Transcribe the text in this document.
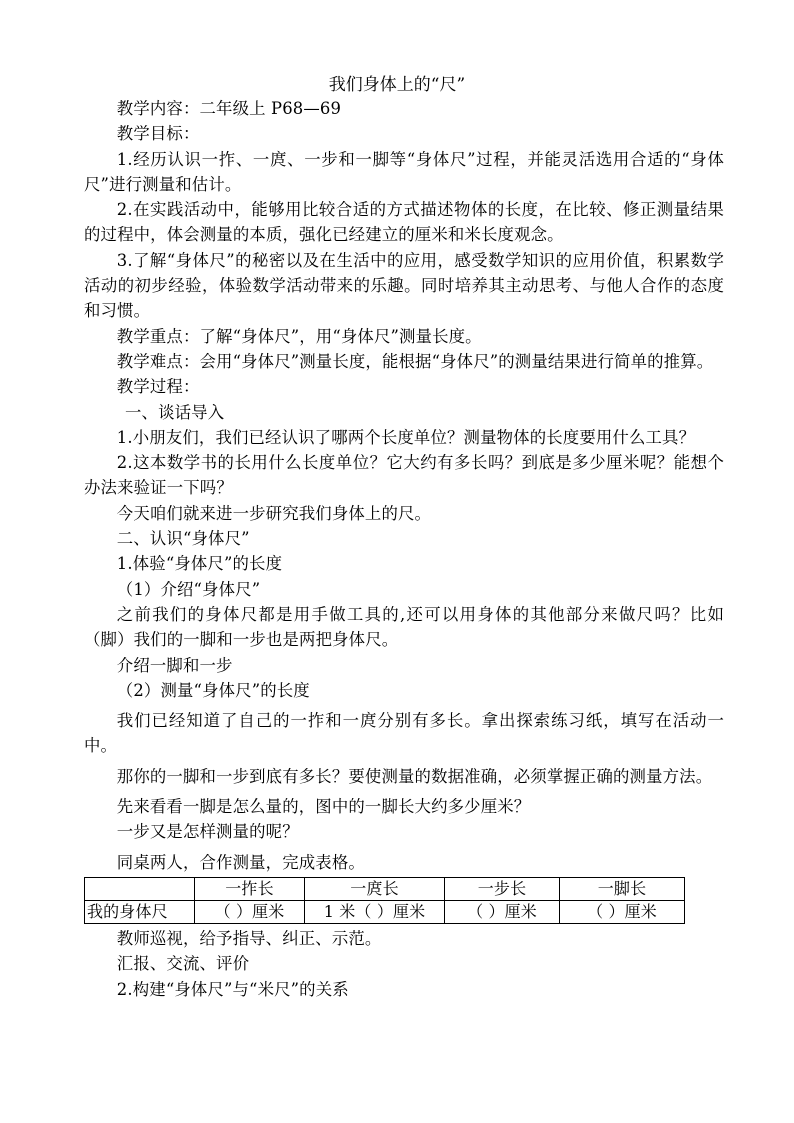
我们身体上的“尺”

教学内容：二年级上 P68—69

教学目标：

1.经历认识一拃、一庹、一步和一脚等“身体尺”过程，并能灵活选用合适的“身体尺”进行测量和估计。

2.在实践活动中，能够用比较合适的方式描述物体的长度，在比较、修正测量结果的过程中，体会测量的本质，强化已经建立的厘米和米长度观念。

3.了解“身体尺”的秘密以及在生活中的应用，感受数学知识的应用价值，积累数学活动的初步经验，体验数学活动带来的乐趣。同时培养其主动思考、与他人合作的态度和习惯。

教学重点：了解“身体尺”，用“身体尺”测量长度。

教学难点：会用“身体尺”测量长度，能根据“身体尺”的测量结果进行简单的推算。

教学过程：

一、谈话导入

1.小朋友们，我们已经认识了哪两个长度单位？测量物体的长度要用什么工具？

2.这本数学书的长用什么长度单位？它大约有多长吗？到底是多少厘米呢？能想个办法来验证一下吗？

今天咱们就来进一步研究我们身体上的尺。

二、认识“身体尺”

1.体验“身体尺”的长度

（1）介绍“身体尺”

之前我们的身体尺都是用手做工具的,还可以用身体的其他部分来做尺吗？比如（脚）我们的一脚和一步也是两把身体尺。

介绍一脚和一步

（2）测量“身体尺”的长度

我们已经知道了自己的一拃和一庹分别有多长。拿出探索练习纸，填写在活动一中。

那你的一脚和一步到底有多长？要使测量的数据准确，必须掌握正确的测量方法。

先来看看一脚是怎么量的，图中的一脚长大约多少厘米？

一步又是怎样测量的呢？

同桌两人，合作测量，完成表格。

	一拃长	一庹长	一步长	一脚长
我的身体尺	（ ）厘米	1 米（ ）厘米	（ ）厘米	（ ）厘米

教师巡视，给予指导、纠正、示范。

汇报、交流、评价

2.构建“身体尺”与“米尺”的关系
